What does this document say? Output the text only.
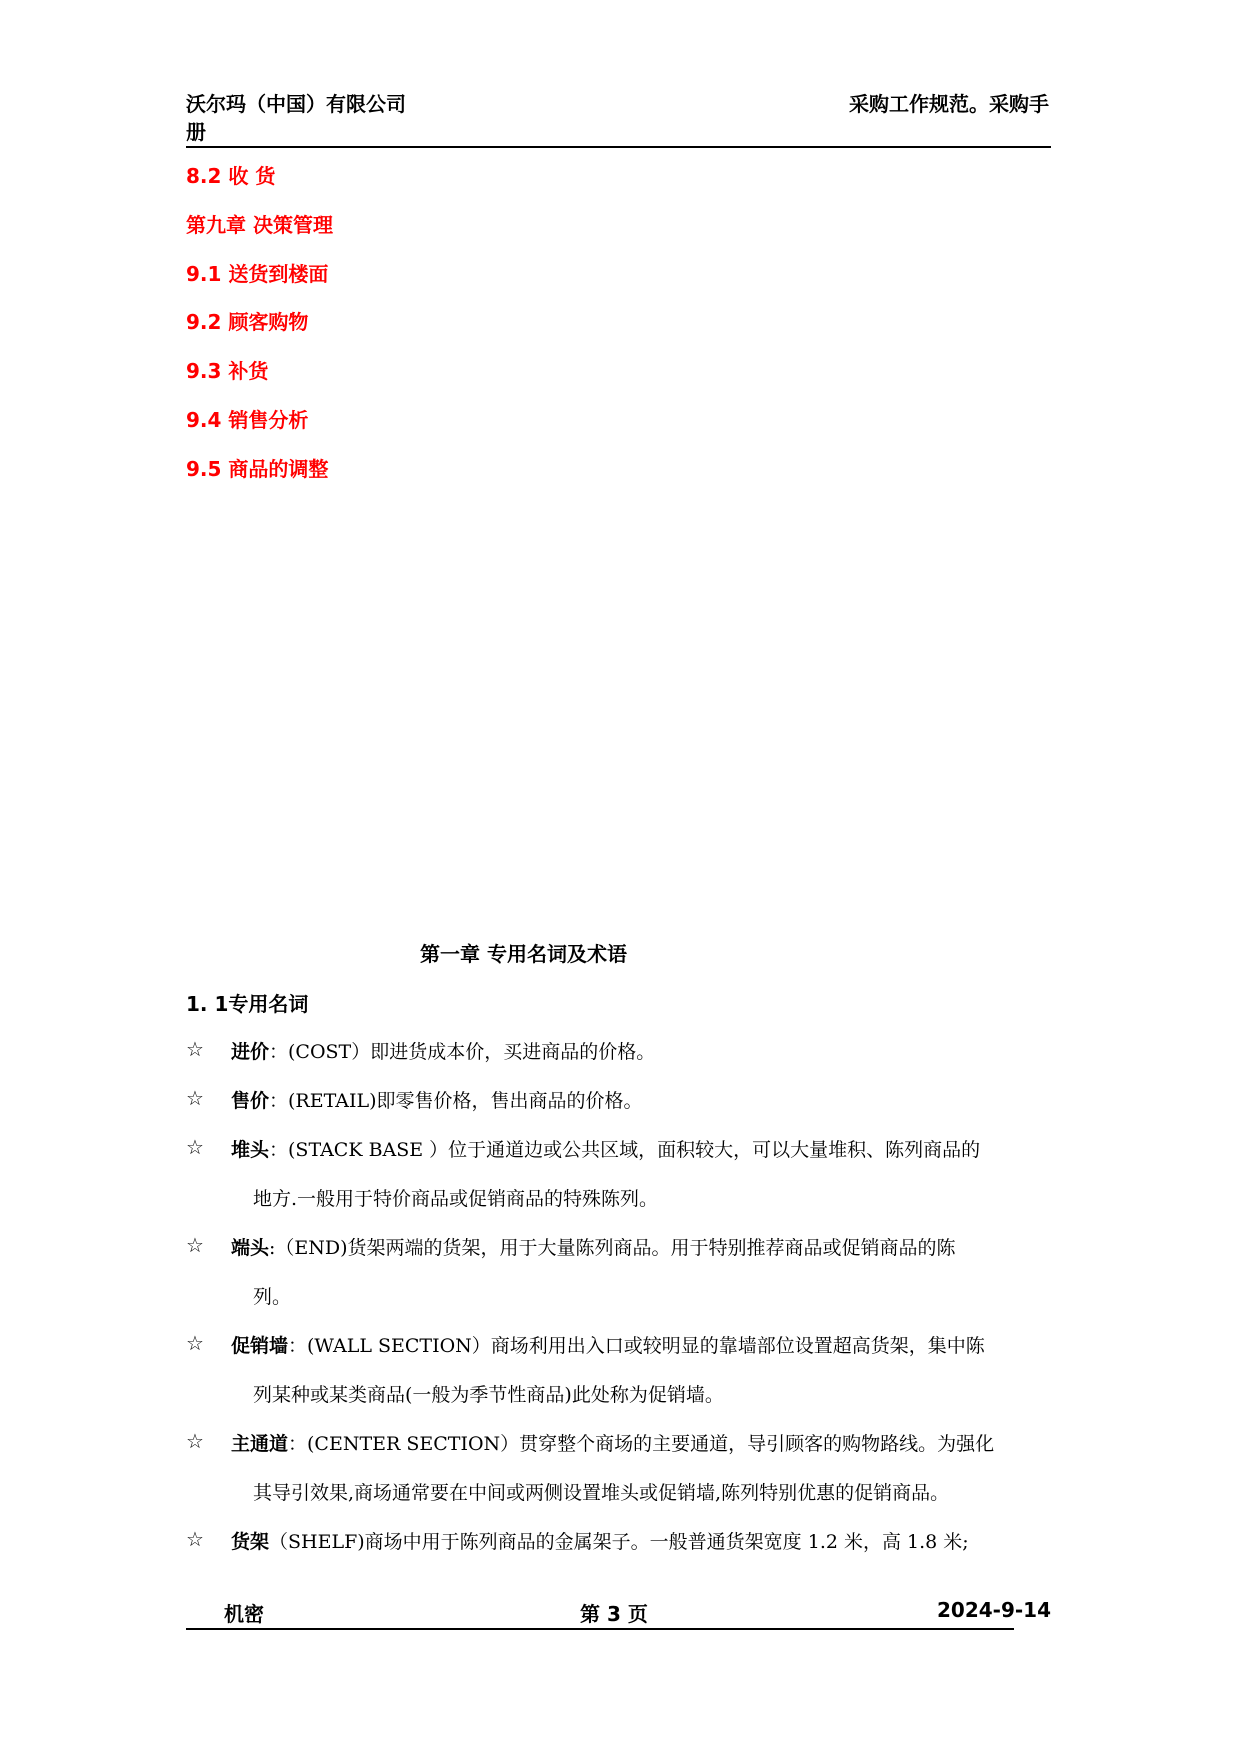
沃尔玛（中国）有限公司
册
采购工作规范。采购手
8.2 收 货
第九章 决策管理
9.1 送货到楼面
9.2 顾客购物
9.3 补货
9.4 销售分析
9.5 商品的调整
第一章 专用名词及术语
1. 1专用名词
☆ 进价：(COST）即进货成本价，买进商品的价格。
☆ 售价：(RETAIL)即零售价格，售出商品的价格。
☆ 堆头：(STACK BASE ）位于通道边或公共区域，面积较大，可以大量堆积、陈列商品的
地方.一般用于特价商品或促销商品的特殊陈列。
☆ 端头:（END)货架两端的货架，用于大量陈列商品。用于特别推荐商品或促销商品的陈
列。
☆ 促销墙：(WALL SECTION）商场利用出入口或较明显的靠墙部位设置超高货架，集中陈
列某种或某类商品(一般为季节性商品)此处称为促销墙。
☆ 主通道：(CENTER SECTION）贯穿整个商场的主要通道，导引顾客的购物路线。为强化
其导引效果,商场通常要在中间或两侧设置堆头或促销墙,陈列特别优惠的促销商品。
☆ 货架（SHELF)商场中用于陈列商品的金属架子。一般普通货架宽度 1.2 米，高 1.8 米;
机密	第 3 页	2024-9-14
